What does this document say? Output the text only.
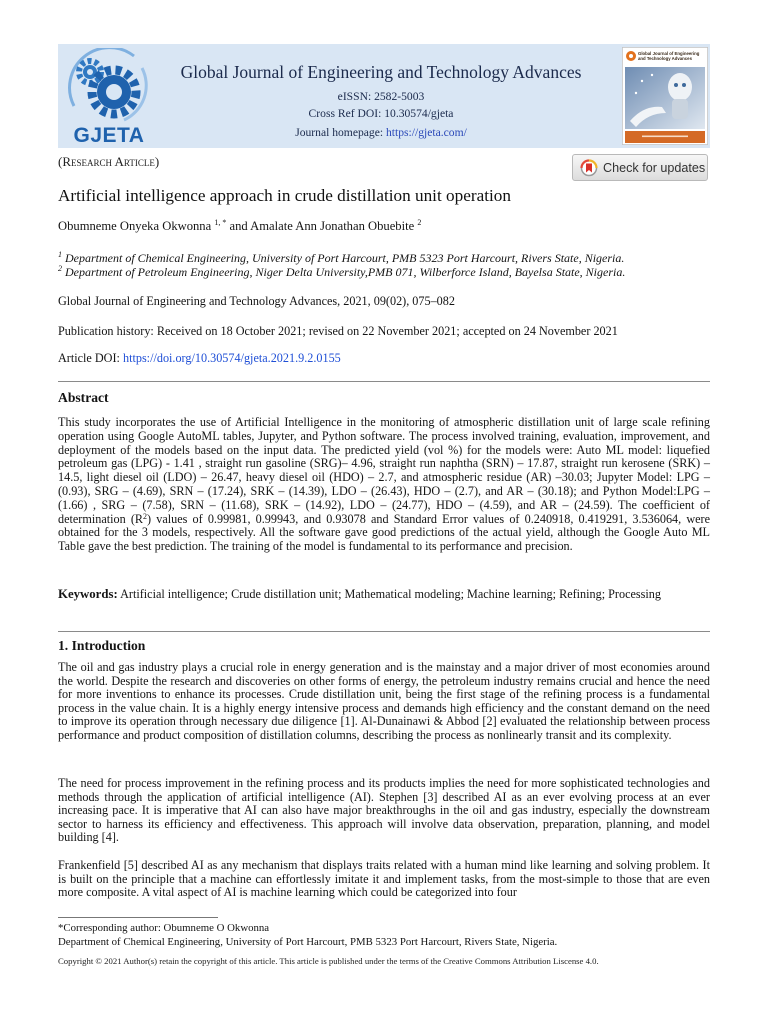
GJETA
Global Journal of Engineering and Technology Advances
eISSN: 2582-5003
Cross Ref DOI: 10.30574/gjeta
Journal homepage: https://gjeta.com/
Global Journal of Engineering and Technology Advances
(Research Article)	Check for updates
Artificial intelligence approach in crude distillation unit operation
Obumneme Onyeka Okwonna $^{1, *}$ and Amalate Ann Jonathan Obuebite $^2$
$^1$ Department of Chemical Engineering, University of Port Harcourt, PMB 5323 Port Harcourt, Rivers State, Nigeria.
$^2$ Department of Petroleum Engineering, Niger Delta University,PMB 071, Wilberforce Island, Bayelsa State, Nigeria.
Global Journal of Engineering and Technology Advances, 2021, 09(02), 075–082
Publication history: Received on 18 October 2021; revised on 22 November 2021; accepted on 24 November 2021
Article DOI: https://doi.org/10.30574/gjeta.2021.9.2.0155
Abstract
This study incorporates the use of Artificial Intelligence in the monitoring of atmospheric distillation unit of large scale refining operation using Google AutoML tables, Jupyter, and Python software. The process involved training, evaluation, improvement, and deployment of the models based on the input data. The predicted yield (vol %) for the models were: Auto ML model: liquefied petroleum gas (LPG) - 1.41 , straight run gasoline (SRG)– 4.96, straight run naphtha (SRN) – 17.87, straight run kerosene (SRK) – 14.5, light diesel oil (LDO) – 26.47, heavy diesel oil (HDO) – 2.7, and atmospheric residue (AR) –30.03; Jupyter Model: LPG – (0.93), SRG – (4.69), SRN – (17.24), SRK – (14.39), LDO – (26.43), HDO – (2.7), and AR – (30.18); and Python Model:LPG – (1.66) , SRG – (7.58), SRN – (11.68), SRK – (14.92), LDO – (24.77), HDO – (4.59), and AR – (24.59). The coefficient of determination $(R^2)$ values of 0.99981, 0.99943, and 0.93078 and Standard Error values of 0.240918, 0.419291, 3.536064, were obtained for the 3 models, respectively. All the software gave good predictions of the actual yield, although the Google Auto ML Table gave the best prediction. The training of the model is fundamental to its performance and precision.
Keywords: Artificial intelligence; Crude distillation unit; Mathematical modeling; Machine learning; Refining; Processing
1. Introduction
The oil and gas industry plays a crucial role in energy generation and is the mainstay and a major driver of most economies around the world. Despite the research and discoveries on other forms of energy, the petroleum industry remains crucial and hence the need for more inventions to enhance its processes. Crude distillation unit, being the first stage of the refining process is a fundamental process in the value chain. It is a highly energy intensive process and demands high efficiency and the constant demand on the need to improve its operation through necessary due diligence [1]. Al-Dunainawi & Abbod [2] evaluated the relationship between process performance and product composition of distillation columns, describing the process as nonlinearly transit and its complexity.
The need for process improvement in the refining process and its products implies the need for more sophisticated technologies and methods through the application of artificial intelligence (AI). Stephen [3] described AI as an ever evolving process at an ever increasing pace. It is imperative that AI can also have major breakthroughs in the oil and gas industry, especially the downstream sector to harness its efficiency and effectiveness. This approach will involve data observation, preparation, planning, and model building [4].
Frankenfield [5] described AI as any mechanism that displays traits related with a human mind like learning and solving problem. It is built on the principle that a machine can effortlessly imitate it and implement tasks, from the most-simple to those that are even more composite. A vital aspect of AI is machine learning which could be categorized into four
*Corresponding author: Obumneme O Okwonna
Department of Chemical Engineering, University of Port Harcourt, PMB 5323 Port Harcourt, Rivers State, Nigeria.
Copyright © 2021 Author(s) retain the copyright of this article. This article is published under the terms of the Creative Commons Attribution Liscense 4.0.
